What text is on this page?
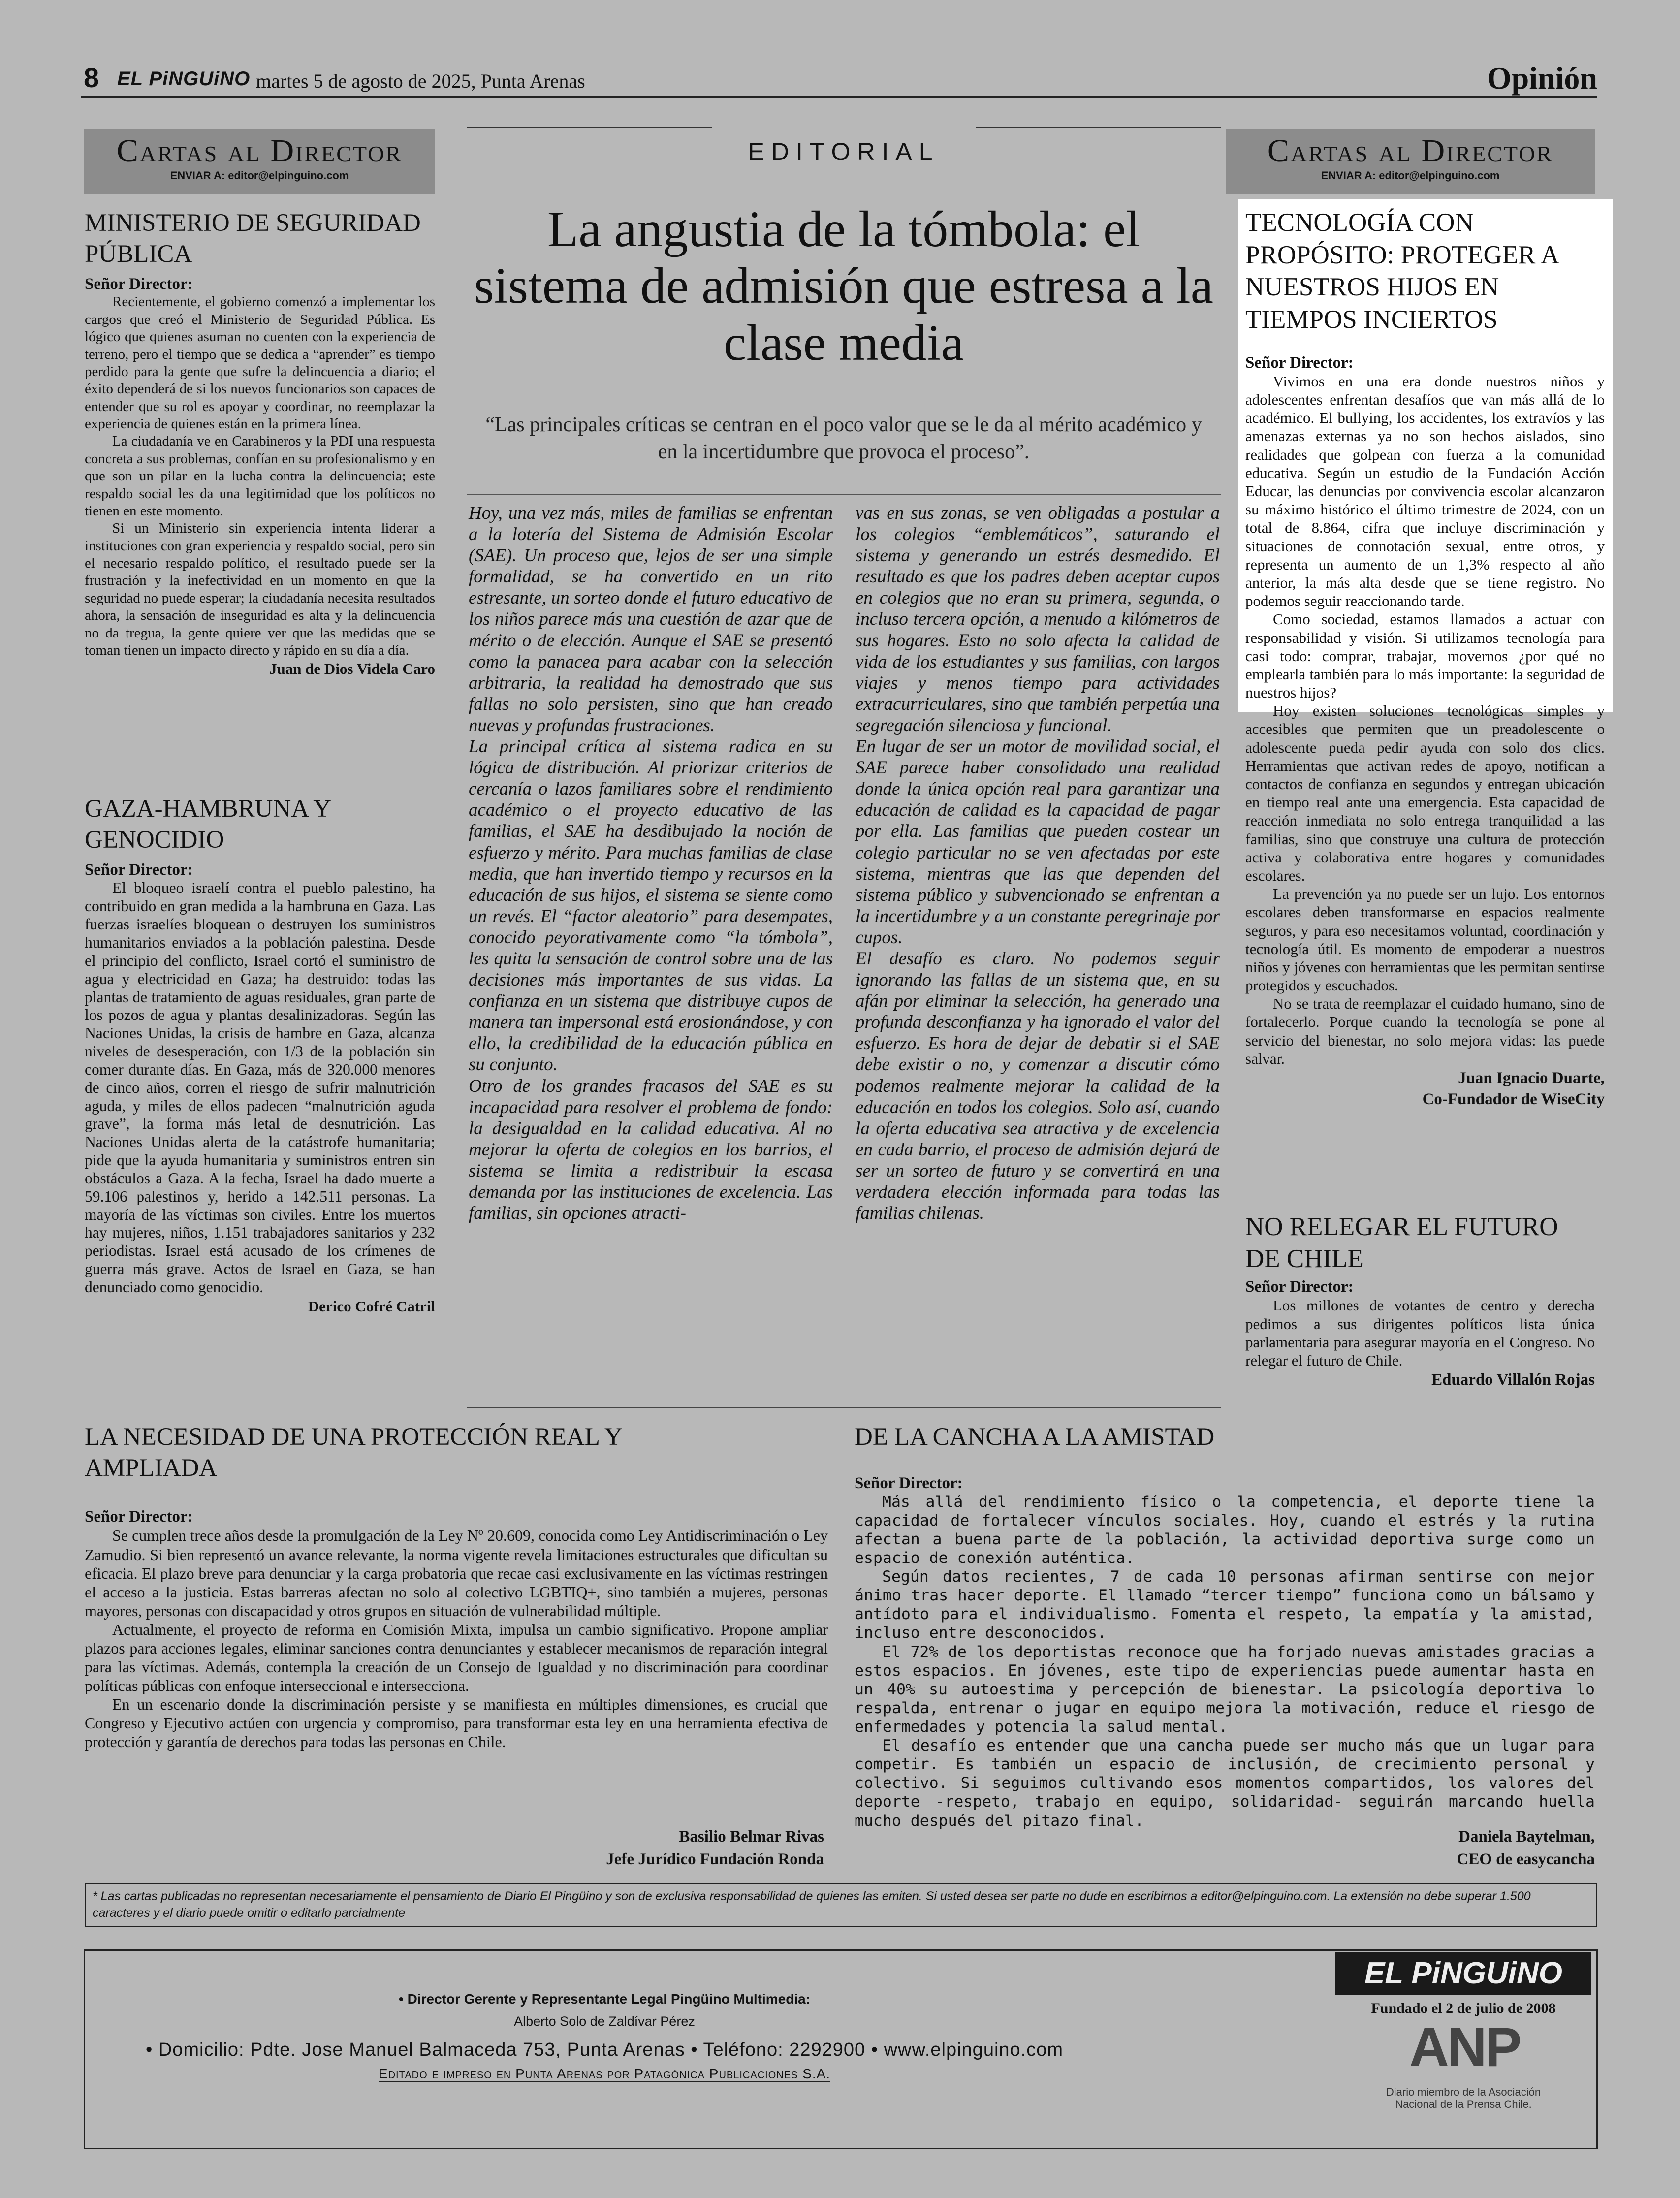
8 EL PiNGUiNO martes 5 de agosto de 2025, Punta Arenas	Opinión
Cartas al Director
ENVIAR A: editor@elpinguino.com
MINISTERIO DE SEGURIDAD PÚBLICA
Señor Director:

Recientemente, el gobierno comenzó a implementar los cargos que creó el Ministerio de Seguridad Pública. Es lógico que quienes asuman no cuenten con la experiencia de terreno, pero el tiempo que se dedica a “aprender” es tiempo perdido para la gente que sufre la delincuencia a diario; el éxito dependerá de si los nuevos funcionarios son capaces de entender que su rol es apoyar y coordinar, no reemplazar la experiencia de quienes están en la primera línea.

La ciudadanía ve en Carabineros y la PDI una respuesta concreta a sus problemas, confían en su profesionalismo y en que son un pilar en la lucha contra la delincuencia; este respaldo social les da una legitimidad que los políticos no tienen en este momento.

Si un Ministerio sin experiencia intenta liderar a instituciones con gran experiencia y respaldo social, pero sin el necesario respaldo político, el resultado puede ser la frustración y la inefectividad en un momento en que la seguridad no puede esperar; la ciudadanía necesita resultados ahora, la sensación de inseguridad es alta y la delincuencia no da tregua, la gente quiere ver que las medidas que se toman tienen un impacto directo y rápido en su día a día.

Juan de Dios Videla Caro
GAZA-HAMBRUNA Y GENOCIDIO
Señor Director:

El bloqueo israelí contra el pueblo palestino, ha contribuido en gran medida a la hambruna en Gaza. Las fuerzas israelíes bloquean o destruyen los suministros humanitarios enviados a la población palestina. Desde el principio del conflicto, Israel cortó el suministro de agua y electricidad en Gaza; ha destruido: todas las plantas de tratamiento de aguas residuales, gran parte de los pozos de agua y plantas desalinizadoras. Según las Naciones Unidas, la crisis de hambre en Gaza, alcanza niveles de desesperación, con 1/3 de la población sin comer durante días. En Gaza, más de 320.000 menores de cinco años, corren el riesgo de sufrir malnutrición aguda, y miles de ellos padecen “malnutrición aguda grave”, la forma más letal de desnutrición. Las Naciones Unidas alerta de la catástrofe humanitaria; pide que la ayuda humanitaria y suministros entren sin obstáculos a Gaza. A la fecha, Israel ha dado muerte a 59.106 palestinos y, herido a 142.511 personas. La mayoría de las víctimas son civiles. Entre los muertos hay mujeres, niños, 1.151 trabajadores sanitarios y 232 periodistas. Israel está acusado de los crímenes de guerra más grave. Actos de Israel en Gaza, se han denunciado como genocidio.

Derico Cofré Catril
EDITORIAL
La angustia de la tómbola: el sistema de admisión que estresa a la clase media
“Las principales críticas se centran en el poco valor que se le da al mérito académico y en la incertidumbre que provoca el proceso”.

Hoy, una vez más, miles de familias se enfrentan a la lotería del Sistema de Admisión Escolar (SAE). Un proceso que, lejos de ser una simple formalidad, se ha convertido en un rito estresante, un sorteo donde el futuro educativo de los niños parece más una cuestión de azar que de mérito o de elección. Aunque el SAE se presentó como la panacea para acabar con la selección arbitraria, la realidad ha demostrado que sus fallas no solo persisten, sino que han creado nuevas y profundas frustraciones.

La principal crítica al sistema radica en su lógica de distribución. Al priorizar criterios de cercanía o lazos familiares sobre el rendimiento académico o el proyecto educativo de las familias, el SAE ha desdibujado la noción de esfuerzo y mérito. Para muchas familias de clase media, que han invertido tiempo y recursos en la educación de sus hijos, el sistema se siente como un revés. El “factor aleatorio” para desempates, conocido peyorativamente como “la tómbola”, les quita la sensación de control sobre una de las decisiones más importantes de sus vidas. La confianza en un sistema que distribuye cupos de manera tan impersonal está erosionándose, y con ello, la credibilidad de la educación pública en su conjunto.

Otro de los grandes fracasos del SAE es su incapacidad para resolver el problema de fondo: la desigualdad en la calidad educativa. Al no mejorar la oferta de colegios en los barrios, el sistema se limita a redistribuir la escasa demanda por las instituciones de excelencia. Las familias, sin opciones atracti-

vas en sus zonas, se ven obligadas a postular a los colegios “emblemáticos”, saturando el sistema y generando un estrés desmedido. El resultado es que los padres deben aceptar cupos en colegios que no eran su primera, segunda, o incluso tercera opción, a menudo a kilómetros de sus hogares. Esto no solo afecta la calidad de vida de los estudiantes y sus familias, con largos viajes y menos tiempo para actividades extracurriculares, sino que también perpetúa una segregación silenciosa y funcional.

En lugar de ser un motor de movilidad social, el SAE parece haber consolidado una realidad donde la única opción real para garantizar una educación de calidad es la capacidad de pagar por ella. Las familias que pueden costear un colegio particular no se ven afectadas por este sistema, mientras que las que dependen del sistema público y subvencionado se enfrentan a la incertidumbre y a un constante peregrinaje por cupos.

El desafío es claro. No podemos seguir ignorando las fallas de un sistema que, en su afán por eliminar la selección, ha generado una profunda desconfianza y ha ignorado el valor del esfuerzo. Es hora de dejar de debatir si el SAE debe existir o no, y comenzar a discutir cómo podemos realmente mejorar la calidad de la educación en todos los colegios. Solo así, cuando la oferta educativa sea atractiva y de excelencia en cada barrio, el proceso de admisión dejará de ser un sorteo de futuro y se convertirá en una verdadera elección informada para todas las familias chilenas.

Cartas al Director
ENVIAR A: editor@elpinguino.com
TECNOLOGÍA CON PROPÓSITO: PROTEGER A NUESTROS HIJOS EN TIEMPOS INCIERTOS
Señor Director:

Vivimos en una era donde nuestros niños y adolescentes enfrentan desafíos que van más allá de lo académico. El bullying, los accidentes, los extravíos y las amenazas externas ya no son hechos aislados, sino realidades que golpean con fuerza a la comunidad educativa. Según un estudio de la Fundación Acción Educar, las denuncias por convivencia escolar alcanzaron su máximo histórico el último trimestre de 2024, con un total de 8.864, cifra que incluye discriminación y situaciones de connotación sexual, entre otros, y representa un aumento de un 1,3% respecto al año anterior, la más alta desde que se tiene registro. No podemos seguir reaccionando tarde.

Como sociedad, estamos llamados a actuar con responsabilidad y visión. Si utilizamos tecnología para casi todo: comprar, trabajar, movernos ¿por qué no emplearla también para lo más importante: la seguridad de nuestros hijos?

Hoy existen soluciones tecnológicas simples y accesibles que permiten que un preadolescente o adolescente pueda pedir ayuda con solo dos clics. Herramientas que activan redes de apoyo, notifican a contactos de confianza en segundos y entregan ubicación en tiempo real ante una emergencia. Esta capacidad de reacción inmediata no solo entrega tranquilidad a las familias, sino que construye una cultura de protección activa y colaborativa entre hogares y comunidades escolares.

La prevención ya no puede ser un lujo. Los entornos escolares deben transformarse en espacios realmente seguros, y para eso necesitamos voluntad, coordinación y tecnología útil. Es momento de empoderar a nuestros niños y jóvenes con herramientas que les permitan sentirse protegidos y escuchados.

No se trata de reemplazar el cuidado humano, sino de fortalecerlo. Porque cuando la tecnología se pone al servicio del bienestar, no solo mejora vidas: las puede salvar.

Juan Ignacio Duarte,
Co-Fundador de WiseCity
NO RELEGAR EL FUTURO DE CHILE
Señor Director:

Los millones de votantes de centro y derecha pedimos a sus dirigentes políticos lista única parlamentaria para asegurar mayoría en el Congreso. No relegar el futuro de Chile.

Eduardo Villalón Rojas
LA NECESIDAD DE UNA PROTECCIÓN REAL Y AMPLIADA
Señor Director:

Se cumplen trece años desde la promulgación de la Ley Nº 20.609, conocida como Ley Antidiscriminación o Ley Zamudio. Si bien representó un avance relevante, la norma vigente revela limitaciones estructurales que dificultan su eficacia. El plazo breve para denunciar y la carga probatoria que recae casi exclusivamente en las víctimas restringen el acceso a la justicia. Estas barreras afectan no solo al colectivo LGBTIQ+, sino también a mujeres, personas mayores, personas con discapacidad y otros grupos en situación de vulnerabilidad múltiple.

Actualmente, el proyecto de reforma en Comisión Mixta, impulsa un cambio significativo. Propone ampliar plazos para acciones legales, eliminar sanciones contra denunciantes y establecer mecanismos de reparación integral para las víctimas. Además, contempla la creación de un Consejo de Igualdad y no discriminación para coordinar políticas públicas con enfoque interseccional e intersecciona.

En un escenario donde la discriminación persiste y se manifiesta en múltiples dimensiones, es crucial que Congreso y Ejecutivo actúen con urgencia y compromiso, para transformar esta ley en una herramienta efectiva de protección y garantía de derechos para todas las personas en Chile.

Basilio Belmar Rivas
Jefe Jurídico Fundación Ronda
DE LA CANCHA A LA AMISTAD
Señor Director:

Más allá del rendimiento físico o la competencia, el deporte tiene la capacidad de fortalecer vínculos sociales. Hoy, cuando el estrés y la rutina afectan a buena parte de la población, la actividad deportiva surge como un espacio de conexión auténtica.

Según datos recientes, 7 de cada 10 personas afirman sentirse con mejor ánimo tras hacer deporte. El llamado “tercer tiempo” funciona como un bálsamo y antídoto para el individualismo. Fomenta el respeto, la empatía y la amistad, incluso entre desconocidos.

El 72% de los deportistas reconoce que ha forjado nuevas amistades gracias a estos espacios. En jóvenes, este tipo de experiencias puede aumentar hasta en un 40% su autoestima y percepción de bienestar. La psicología deportiva lo respalda, entrenar o jugar en equipo mejora la motivación, reduce el riesgo de enfermedades y potencia la salud mental.

El desafío es entender que una cancha puede ser mucho más que un lugar para competir. Es también un espacio de inclusión, de crecimiento personal y colectivo. Si seguimos cultivando esos momentos compartidos, los valores del deporte -respeto, trabajo en equipo, solidaridad- seguirán marcando huella mucho después del pitazo final.

Daniela Baytelman,
CEO de easycancha
* Las cartas publicadas no representan necesariamente el pensamiento de Diario El Pingüino y son de exclusiva responsabilidad de quienes las emiten. Si usted desea ser parte no dude en escribirnos a editor@elpinguino.com. La extensión no debe superar 1.500 caracteres y el diario puede omitir o editarlo parcialmente
• Director Gerente y Representante Legal Pingüino Multimedia:
Alberto Solo de Zaldívar Pérez
• Domicilio: Pdte. Jose Manuel Balmaceda 753, Punta Arenas • Teléfono: 2292900 • www.elpinguino.com
Editado e impreso en Punta Arenas por Patagónica Publicaciones S.A.
EL PiNGUiNO
Fundado el 2 de julio de 2008
ANP
Diario miembro de la Asociación Nacional de la Prensa Chile.
